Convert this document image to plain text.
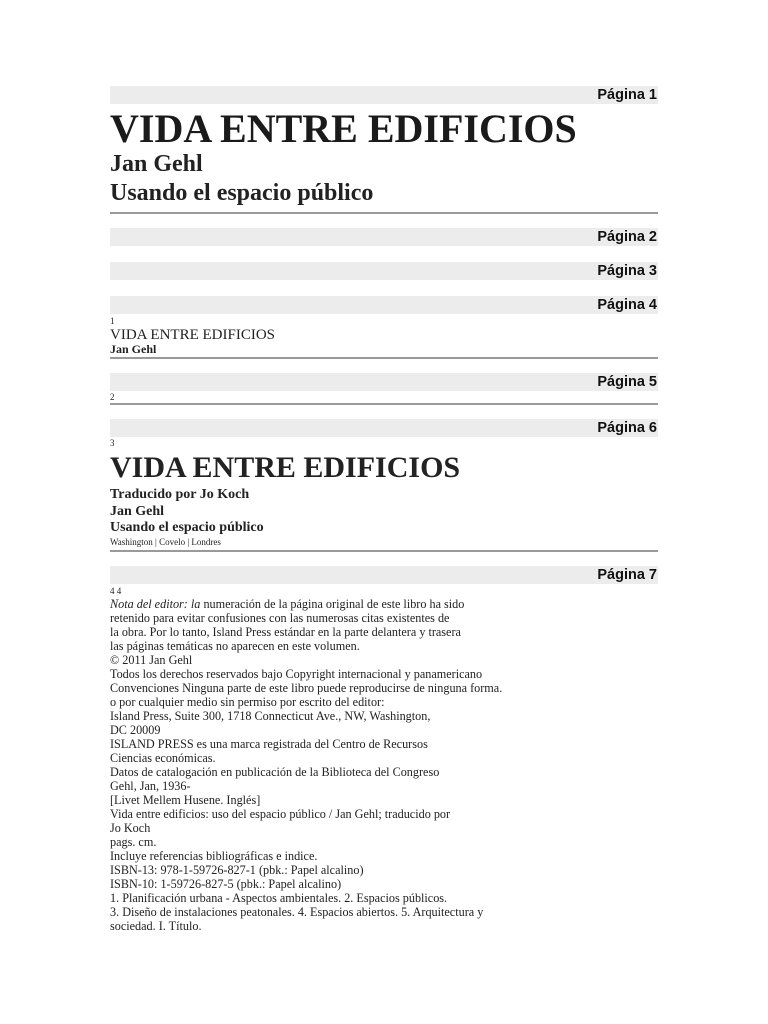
Página 1
VIDA ENTRE EDIFICIOS
Jan Gehl
Usando el espacio público
Página 2
Página 3
Página 4
1
VIDA ENTRE EDIFICIOS
Jan Gehl
Página 5
2
Página 6
3
VIDA ENTRE EDIFICIOS
Traducido por Jo Koch
Jan Gehl
Usando el espacio público
Washington | Covelo | Londres
Página 7
4 4
Nota del editor: la numeración de la página original de este libro ha sido
retenido para evitar confusiones con las numerosas citas existentes de
la obra. Por lo tanto, Island Press estándar en la parte delantera y trasera
las páginas temáticas no aparecen en este volumen.
© 2011 Jan Gehl
Todos los derechos reservados bajo Copyright internacional y panamericano
Convenciones Ninguna parte de este libro puede reproducirse de ninguna forma.
o por cualquier medio sin permiso por escrito del editor:
Island Press, Suite 300, 1718 Connecticut Ave., NW, Washington,
DC 20009
ISLAND PRESS es una marca registrada del Centro de Recursos
Ciencias económicas.
Datos de catalogación en publicación de la Biblioteca del Congreso
Gehl, Jan, 1936-
[Livet Mellem Husene. Inglés]
Vida entre edificios: uso del espacio público / Jan Gehl; traducido por
Jo Koch
pags. cm.
Incluye referencias bibliográficas e indice.
ISBN-13: 978-1-59726-827-1 (pbk.: Papel alcalino)
ISBN-10: 1-59726-827-5 (pbk.: Papel alcalino)
1. Planificación urbana - Aspectos ambientales. 2. Espacios públicos.
3. Diseño de instalaciones peatonales. 4. Espacios abiertos. 5. Arquitectura y
sociedad. I. Título.
